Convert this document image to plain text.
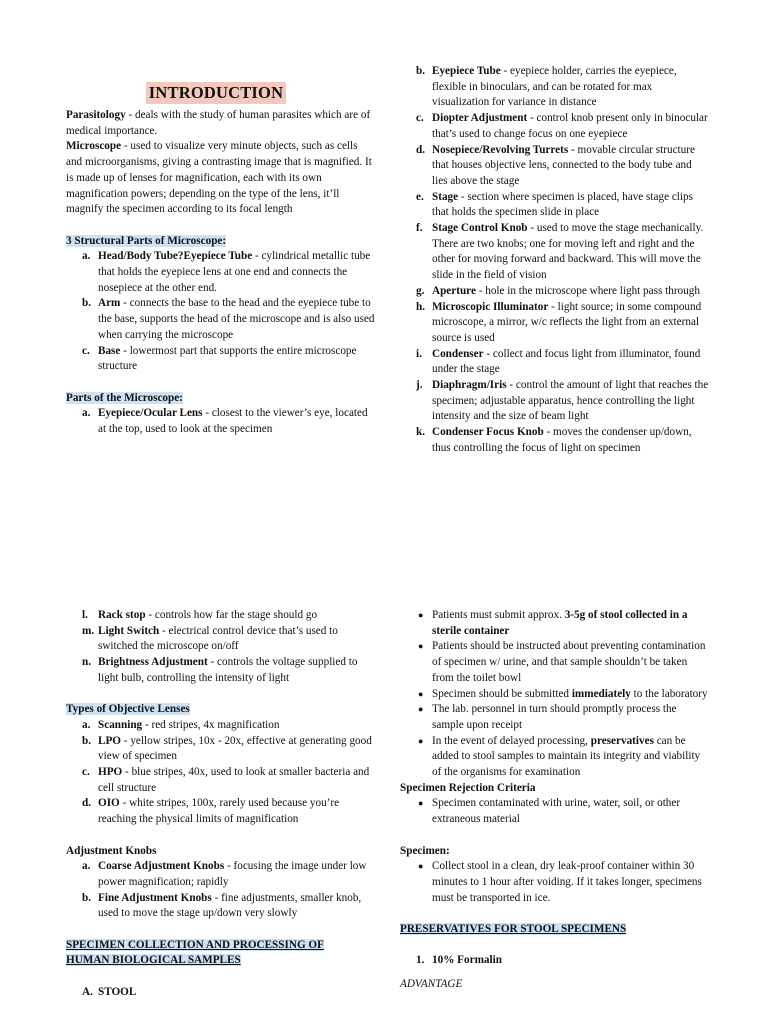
INTRODUCTION

Parasitology - deals with the study of human parasites which are of medical importance.

Microscope - used to visualize very minute objects, such as cells and microorganisms, giving a contrasting image that is magnified. It is made up of lenses for magnification, each with its own magnification powers; depending on the type of the lens, it’ll magnify the specimen according to its focal length

3 Structural Parts of Microscope:
a. Head/Body Tube?Eyepiece Tube - cylindrical metallic tube that holds the eyepiece lens at one end and connects the nosepiece at the other end.
b. Arm - connects the base to the head and the eyepiece tube to the base, supports the head of the microscope and is also used when carrying the microscope
c. Base - lowermost part that supports the entire microscope structure
Parts of the Microscope:
a. Eyepiece/Ocular Lens - closest to the viewer’s eye, located at the top, used to look at the specimen
b. Eyepiece Tube - eyepiece holder, carries the eyepiece, flexible in binoculars, and can be rotated for max visualization for variance in distance
c. Diopter Adjustment - control knob present only in binocular that’s used to change focus on one eyepiece
d. Nosepiece/Revolving Turrets - movable circular structure that houses objective lens, connected to the body tube and lies above the stage
e. Stage - section where specimen is placed, have stage clips that holds the specimen slide in place
f. Stage Control Knob - used to move the stage mechanically. There are two knobs; one for moving left and right and the other for moving forward and backward. This will move the slide in the field of vision
g. Aperture - hole in the microscope where light pass through
h. Microscopic Illuminator - light source; in some compound microscope, a mirror, w/c reflects the light from an external source is used
i. Condenser - collect and focus light from illuminator, found under the stage
j. Diaphragm/Iris - control the amount of light that reaches the specimen; adjustable apparatus, hence controlling the light intensity and the size of beam light
k. Condenser Focus Knob - moves the condenser up/down, thus controlling the focus of light on specimen
l. Rack stop - controls how far the stage should go
m. Light Switch - electrical control device that’s used to switched the microscope on/off
n. Brightness Adjustment - controls the voltage supplied to light bulb, controlling the intensity of light
Types of Objective Lenses
a. Scanning - red stripes, 4x magnification
b. LPO - yellow stripes, 10x - 20x, effective at generating good view of specimen
c. HPO - blue stripes, 40x, used to look at smaller bacteria and cell structure
d. OIO - white stripes, 100x, rarely used because you’re reaching the physical limits of magnification
Adjustment Knobs
a. Coarse Adjustment Knobs - focusing the image under low power magnification; rapidly
b. Fine Adjustment Knobs - fine adjustments, smaller knob, used to move the stage up/down very slowly
SPECIMEN COLLECTION AND PROCESSING OF HUMAN BIOLOGICAL SAMPLES
A. STOOL
● Patients must submit approx. 3-5g of stool collected in a sterile container
● Patients should be instructed about preventing contamination of specimen w/ urine, and that sample shouldn’t be taken from the toilet bowl
● Specimen should be submitted immediately to the laboratory
● The lab. personnel in turn should promptly process the sample upon receipt
● In the event of delayed processing, preservatives can be added to stool samples to maintain its integrity and viability of the organisms for examination
Specimen Rejection Criteria
● Specimen contaminated with urine, water, soil, or other extraneous material
Specimen:
● Collect stool in a clean, dry leak-proof container within 30 minutes to 1 hour after voiding. If it takes longer, specimens must be transported in ice.
PRESERVATIVES FOR STOOL SPECIMENS
1. 10% Formalin
ADVANTAGE
